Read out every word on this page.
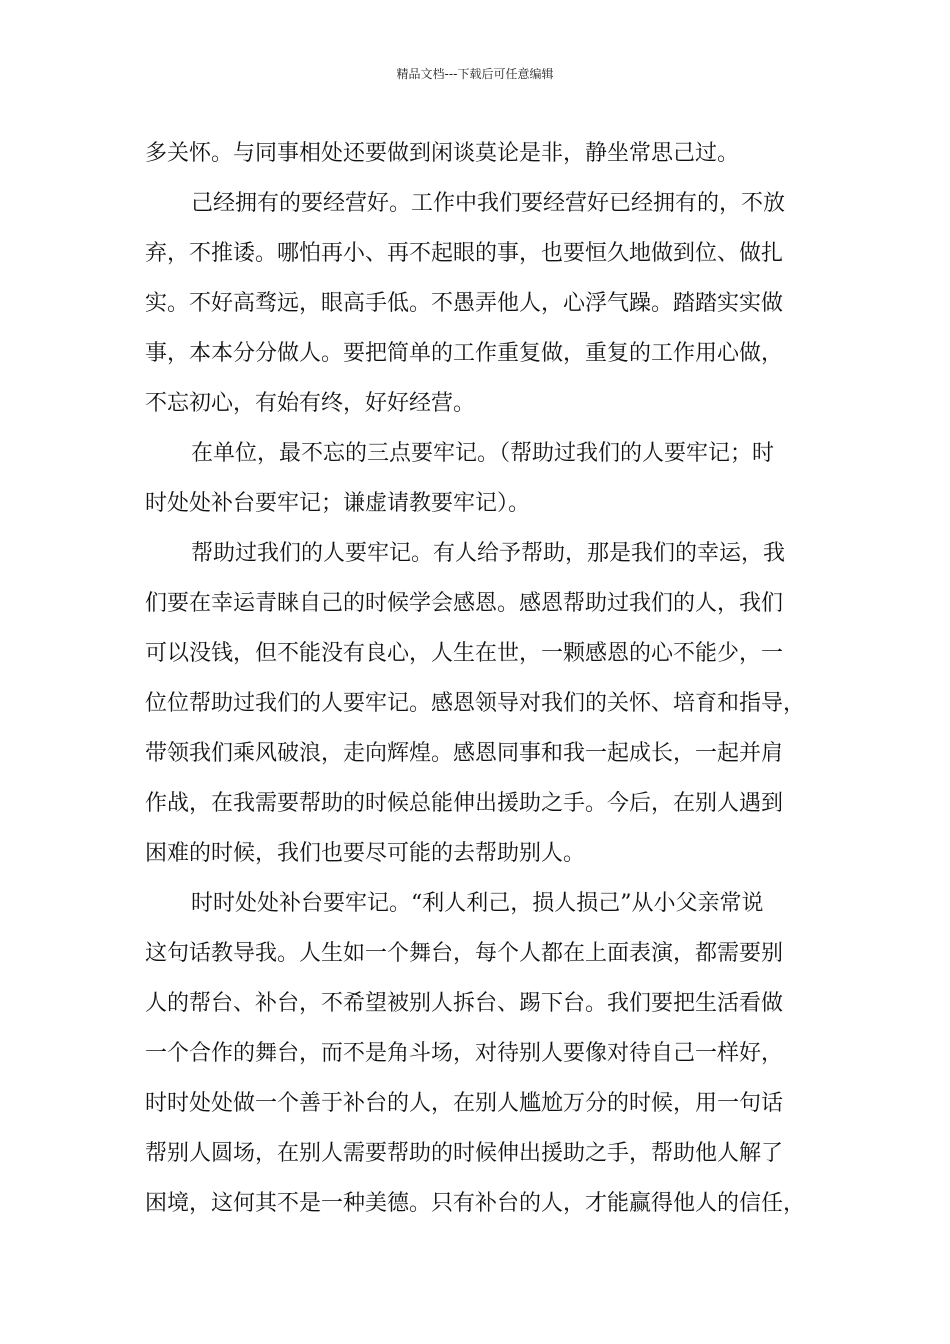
精品文档---下载后可任意编辑
多关怀。与同事相处还要做到闲谈莫论是非，静坐常思己过。
己经拥有的要经营好。工作中我们要经营好已经拥有的，不放
弃，不推诿。哪怕再小、再不起眼的事，也要恒久地做到位、做扎
实。不好高骛远，眼高手低。不愚弄他人，心浮气躁。踏踏实实做
事，本本分分做人。要把简单的工作重复做，重复的工作用心做，
不忘初心，有始有终，好好经营。
在单位，最不忘的三点要牢记。（帮助过我们的人要牢记；时
时处处补台要牢记；谦虚请教要牢记）。
帮助过我们的人要牢记。有人给予帮助，那是我们的幸运，我
们要在幸运青睐自己的时候学会感恩。感恩帮助过我们的人，我们
可以没钱，但不能没有良心，人生在世，一颗感恩的心不能少，一
位位帮助过我们的人要牢记。感恩领导对我们的关怀、培育和指导，
带领我们乘风破浪，走向辉煌。感恩同事和我一起成长，一起并肩
作战，在我需要帮助的时候总能伸出援助之手。今后，在别人遇到
困难的时候，我们也要尽可能的去帮助别人。
时时处处补台要牢记。“利人利己，损人损己”从小父亲常说
这句话教导我。人生如一个舞台，每个人都在上面表演，都需要别
人的帮台、补台，不希望被别人拆台、踢下台。我们要把生活看做
一个合作的舞台，而不是角斗场，对待别人要像对待自己一样好，
时时处处做一个善于补台的人，在别人尴尬万分的时候，用一句话
帮别人圆场，在别人需要帮助的时候伸出援助之手，帮助他人解了
困境，这何其不是一种美德。只有补台的人，才能赢得他人的信任，
